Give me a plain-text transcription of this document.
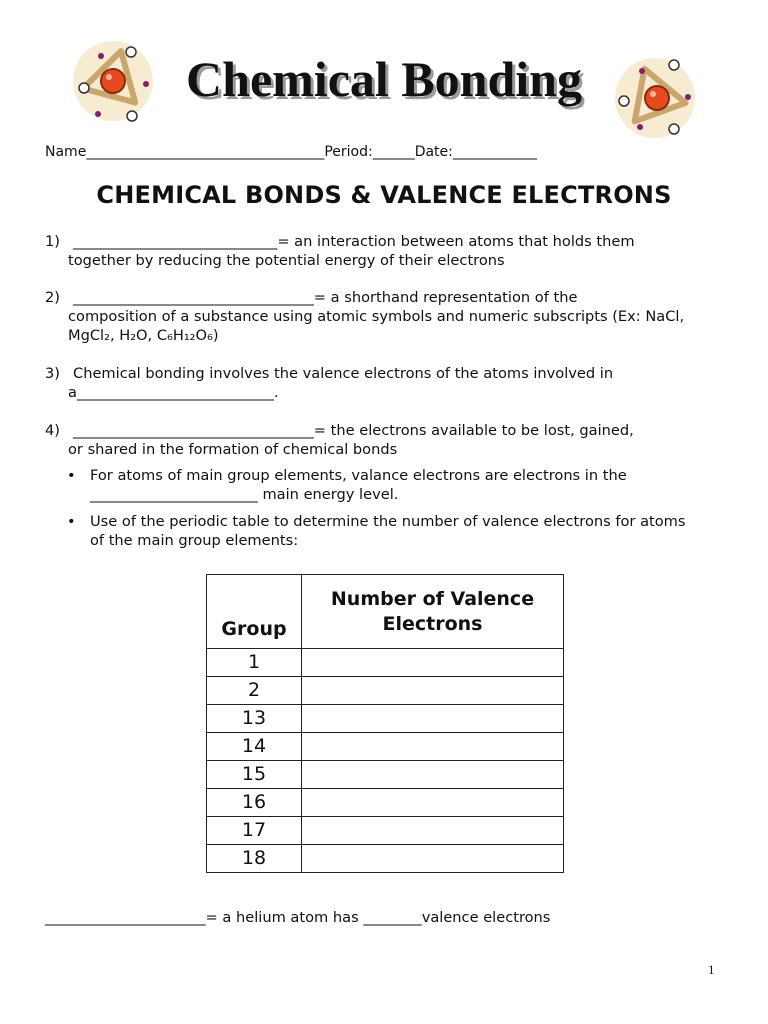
Chemical Bonding
Name__________________________________Period:______Date:____________
CHEMICAL BONDS & VALENCE ELECTRONS
1) ____________________________= an interaction between atoms that holds them
together by reducing the potential energy of their electrons
2) _________________________________= a shorthand representation of the
composition of a substance using atomic symbols and numeric subscripts (Ex: NaCl,
MgCl₂, H₂O, C₆H₁₂O₆)
3) Chemical bonding involves the valence electrons of the atoms involved in
a___________________________.
4) _________________________________= the electrons available to be lost, gained,
or shared in the formation of chemical bonds
• For atoms of main group elements, valance electrons are electrons in the
_______________________ main energy level.
• Use of the periodic table to determine the number of valence electrons for atoms
of the main group elements:
Group	Number of Valence Electrons
1	
2	
13	
14	
15	
16	
17	
18	
______________________= a helium atom has ________valence electrons
1
